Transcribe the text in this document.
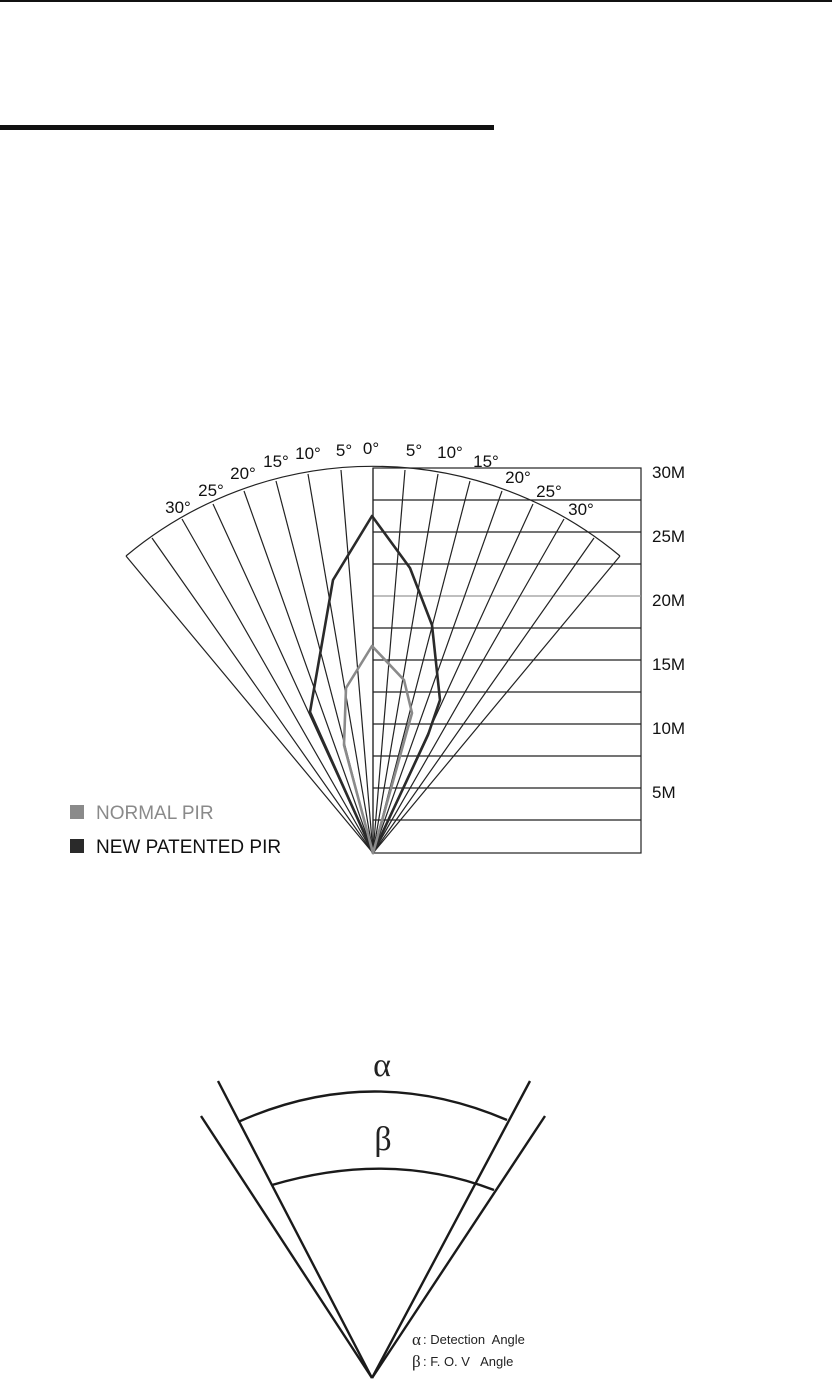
0°
5°
10°
15°
20°
25°
30°
5° 10° 15°
20°
25°
30°
5M
10M
15M
20M
25M
30M
NORMAL PIR
NEW PATENTED PIR
α
β
α : Detection  Angle
β : F. O. V   Angle
